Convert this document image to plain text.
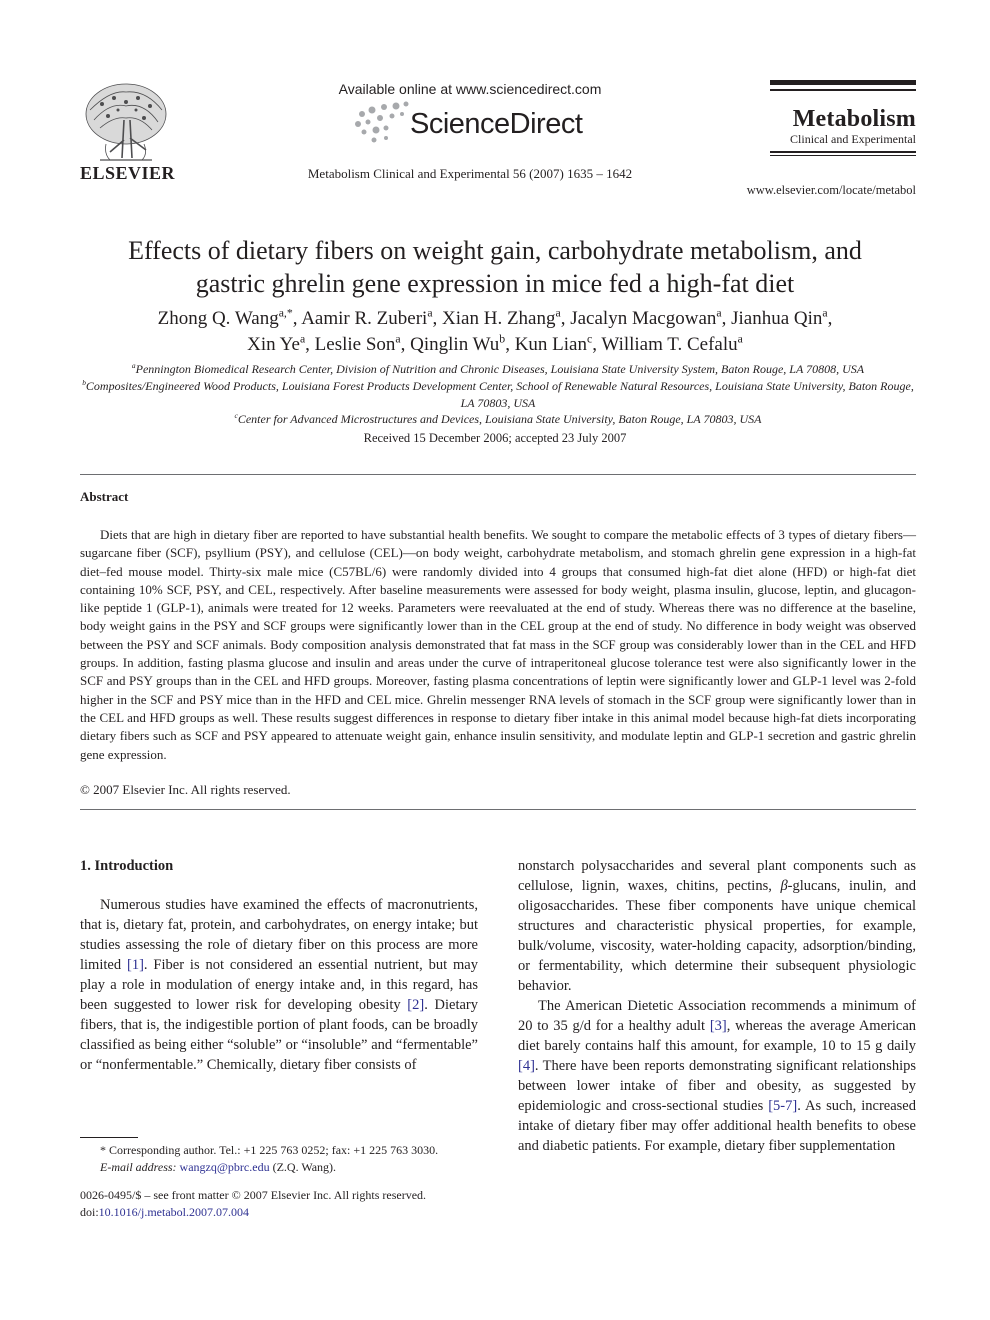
ELSEVIER
Available online at www.sciencedirect.com
ScienceDirect
Metabolism Clinical and Experimental 56 (2007) 1635 – 1642
Metabolism
Clinical and Experimental
www.elsevier.com/locate/metabol
Effects of dietary fibers on weight gain, carbohydrate metabolism, and
gastric ghrelin gene expression in mice fed a high-fat diet
Zhong Q. Wang$^{a,*}$, Aamir R. Zuberi$^a$, Xian H. Zhang$^a$, Jacalyn Macgowan$^a$, Jianhua Qin$^a$,
Xin Ye$^a$, Leslie Son$^a$, Qinglin Wu$^b$, Kun Lian$^c$, William T. Cefalu$^a$
$^a$Pennington Biomedical Research Center, Division of Nutrition and Chronic Diseases, Louisiana State University System, Baton Rouge, LA 70808, USA
$^b$Composites/Engineered Wood Products, Louisiana Forest Products Development Center, School of Renewable Natural Resources, Louisiana State University, Baton Rouge, LA 70803, USA
$^c$Center for Advanced Microstructures and Devices, Louisiana State University, Baton Rouge, LA 70803, USA
Received 15 December 2006; accepted 23 July 2007
Abstract
Diets that are high in dietary fiber are reported to have substantial health benefits. We sought to compare the metabolic effects of 3 types of dietary fibers—sugarcane fiber (SCF), psyllium (PSY), and cellulose (CEL)—on body weight, carbohydrate metabolism, and stomach ghrelin gene expression in a high-fat diet–fed mouse model. Thirty-six male mice (C57BL/6) were randomly divided into 4 groups that consumed high-fat diet alone (HFD) or high-fat diet containing 10% SCF, PSY, and CEL, respectively. After baseline measurements were assessed for body weight, plasma insulin, glucose, leptin, and glucagon-like peptide 1 (GLP-1), animals were treated for 12 weeks. Parameters were reevaluated at the end of study. Whereas there was no difference at the baseline, body weight gains in the PSY and SCF groups were significantly lower than in the CEL group at the end of study. No difference in body weight was observed between the PSY and SCF animals. Body composition analysis demonstrated that fat mass in the SCF group was considerably lower than in the CEL and HFD groups. In addition, fasting plasma glucose and insulin and areas under the curve of intraperitoneal glucose tolerance test were also significantly lower in the SCF and PSY groups than in the CEL and HFD groups. Moreover, fasting plasma concentrations of leptin were significantly lower and GLP-1 level was 2-fold higher in the SCF and PSY mice than in the HFD and CEL mice. Ghrelin messenger RNA levels of stomach in the SCF group were significantly lower than in the CEL and HFD groups as well. These results suggest differences in response to dietary fiber intake in this animal model because high-fat diets incorporating dietary fibers such as SCF and PSY appeared to attenuate weight gain, enhance insulin sensitivity, and modulate leptin and GLP-1 secretion and gastric ghrelin gene expression.
© 2007 Elsevier Inc. All rights reserved.
1. Introduction

Numerous studies have examined the effects of macronutrients, that is, dietary fat, protein, and carbohydrates, on energy intake; but studies assessing the role of dietary fiber on this process are more limited [1]. Fiber is not considered an essential nutrient, but may play a role in modulation of energy intake and, in this regard, has been suggested to lower risk for developing obesity [2]. Dietary fibers, that is, the indigestible portion of plant foods, can be broadly classified as being either “soluble” or “insoluble” and “fermentable” or “nonfermentable.” Chemically, dietary fiber consists of

nonstarch polysaccharides and several plant components such as cellulose, lignin, waxes, chitins, pectins, β-glucans, inulin, and oligosaccharides. These fiber components have unique chemical structures and characteristic physical properties, for example, bulk/volume, viscosity, water-holding capacity, adsorption/binding, or fermentability, which determine their subsequent physiologic behavior.

The American Dietetic Association recommends a minimum of 20 to 35 g/d for a healthy adult [3], whereas the average American diet barely contains half this amount, for example, 10 to 15 g daily [4]. There have been reports demonstrating significant relationships between lower intake of fiber and obesity, as suggested by epidemiologic and cross-sectional studies [5-7]. As such, increased intake of dietary fiber may offer additional health benefits to obese and diabetic patients. For example, dietary fiber supplementation

* Corresponding author. Tel.: +1 225 763 0252; fax: +1 225 763 3030.
E-mail address: wangzq@pbrc.edu (Z.Q. Wang).
0026-0495/$ – see front matter © 2007 Elsevier Inc. All rights reserved.
doi:10.1016/j.metabol.2007.07.004
